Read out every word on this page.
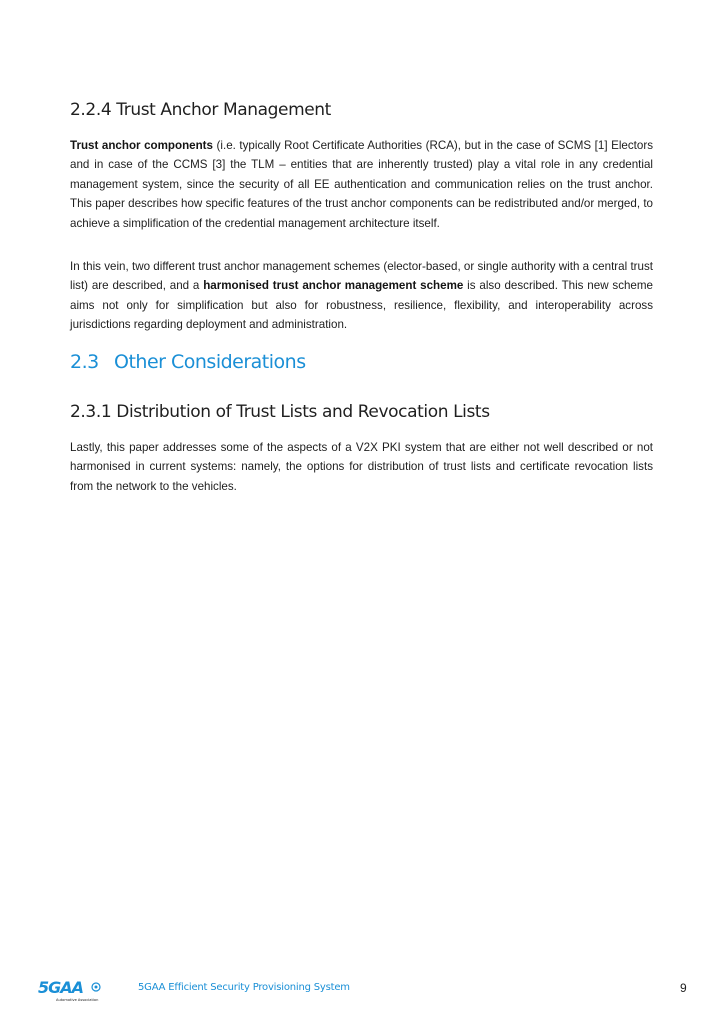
2.2.4 Trust Anchor Management

Trust anchor components (i.e. typically Root Certificate Authorities (RCA), but in the case of SCMS [1] Electors and in case of the CCMS [3] the TLM – entities that are inherently trusted) play a vital role in any credential management system, since the security of all EE authentication and communication relies on the trust anchor. This paper describes how specific features of the trust anchor components can be redistributed and/or merged, to achieve a simplification of the credential management architecture itself.

In this vein, two different trust anchor management schemes (elector-based, or single authority with a central trust list) are described, and a harmonised trust anchor management scheme is also described. This new scheme aims not only for simplification but also for robustness, resilience, flexibility, and interoperability across jurisdictions regarding deployment and administration.

2.3 Other Considerations
2.3.1 Distribution of Trust Lists and Revocation Lists

Lastly, this paper addresses some of the aspects of a V2X PKI system that are either not well described or not harmonised in current systems: namely, the options for distribution of trust lists and certificate revocation lists from the network to the vehicles.

5GAA
Automotive Association
5GAA Efficient Security Provisioning System	9
